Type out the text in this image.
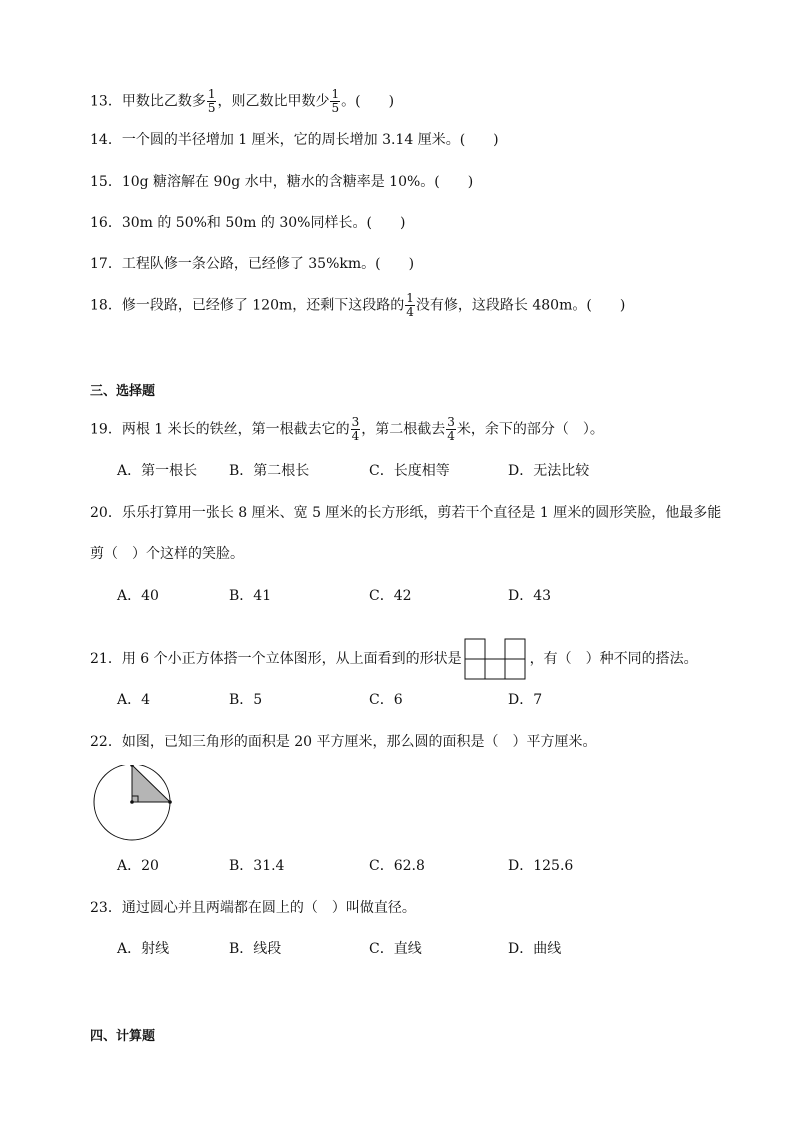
13．甲数比乙数多 $\frac{1}{5}$ ，则乙数比甲数少 $\frac{1}{5}$ 。(　　)
14．一个圆的半径增加 1 厘米，它的周长增加 3.14 厘米。(　　)
15．10g 糖溶解在 90g 水中，糖水的含糖率是 10%。(　　)
16．30m 的 50%和 50m 的 30%同样长。(　　)
17．工程队修一条公路，已经修了 35%km。(　　)
18．修一段路，已经修了 120m，还剩下这段路的 $\frac{1}{4}$ 没有修，这段路长 480m。(　　)
三、选择题
19．两根 1 米长的铁丝，第一根截去它的 $\frac{3}{4}$ ，第二根截去 $\frac{3}{4}$ 米，余下的部分（　）。
A．第一根长 B．第二根长	C．长度相等	D．无法比较
20．乐乐打算用一张长 8 厘米、宽 5 厘米的长方形纸，剪若干个直径是 1 厘米的圆形笑脸，他最多能
剪（　）个这样的笑脸。
A．40	B．41	C．42	D．43
21．用 6 个小正方体搭一个立体图形，从上面看到的形状是	，有（　）种不同的搭法。
A．4	B．5	C．6	D．7
22．如图，已知三角形的面积是 20 平方厘米，那么圆的面积是（　）平方厘米。
A．20	B．31.4	C．62.8	D．125.6
23．通过圆心并且两端都在圆上的（　）叫做直径。
A．射线	B．线段	C．直线	D．曲线
四、计算题
